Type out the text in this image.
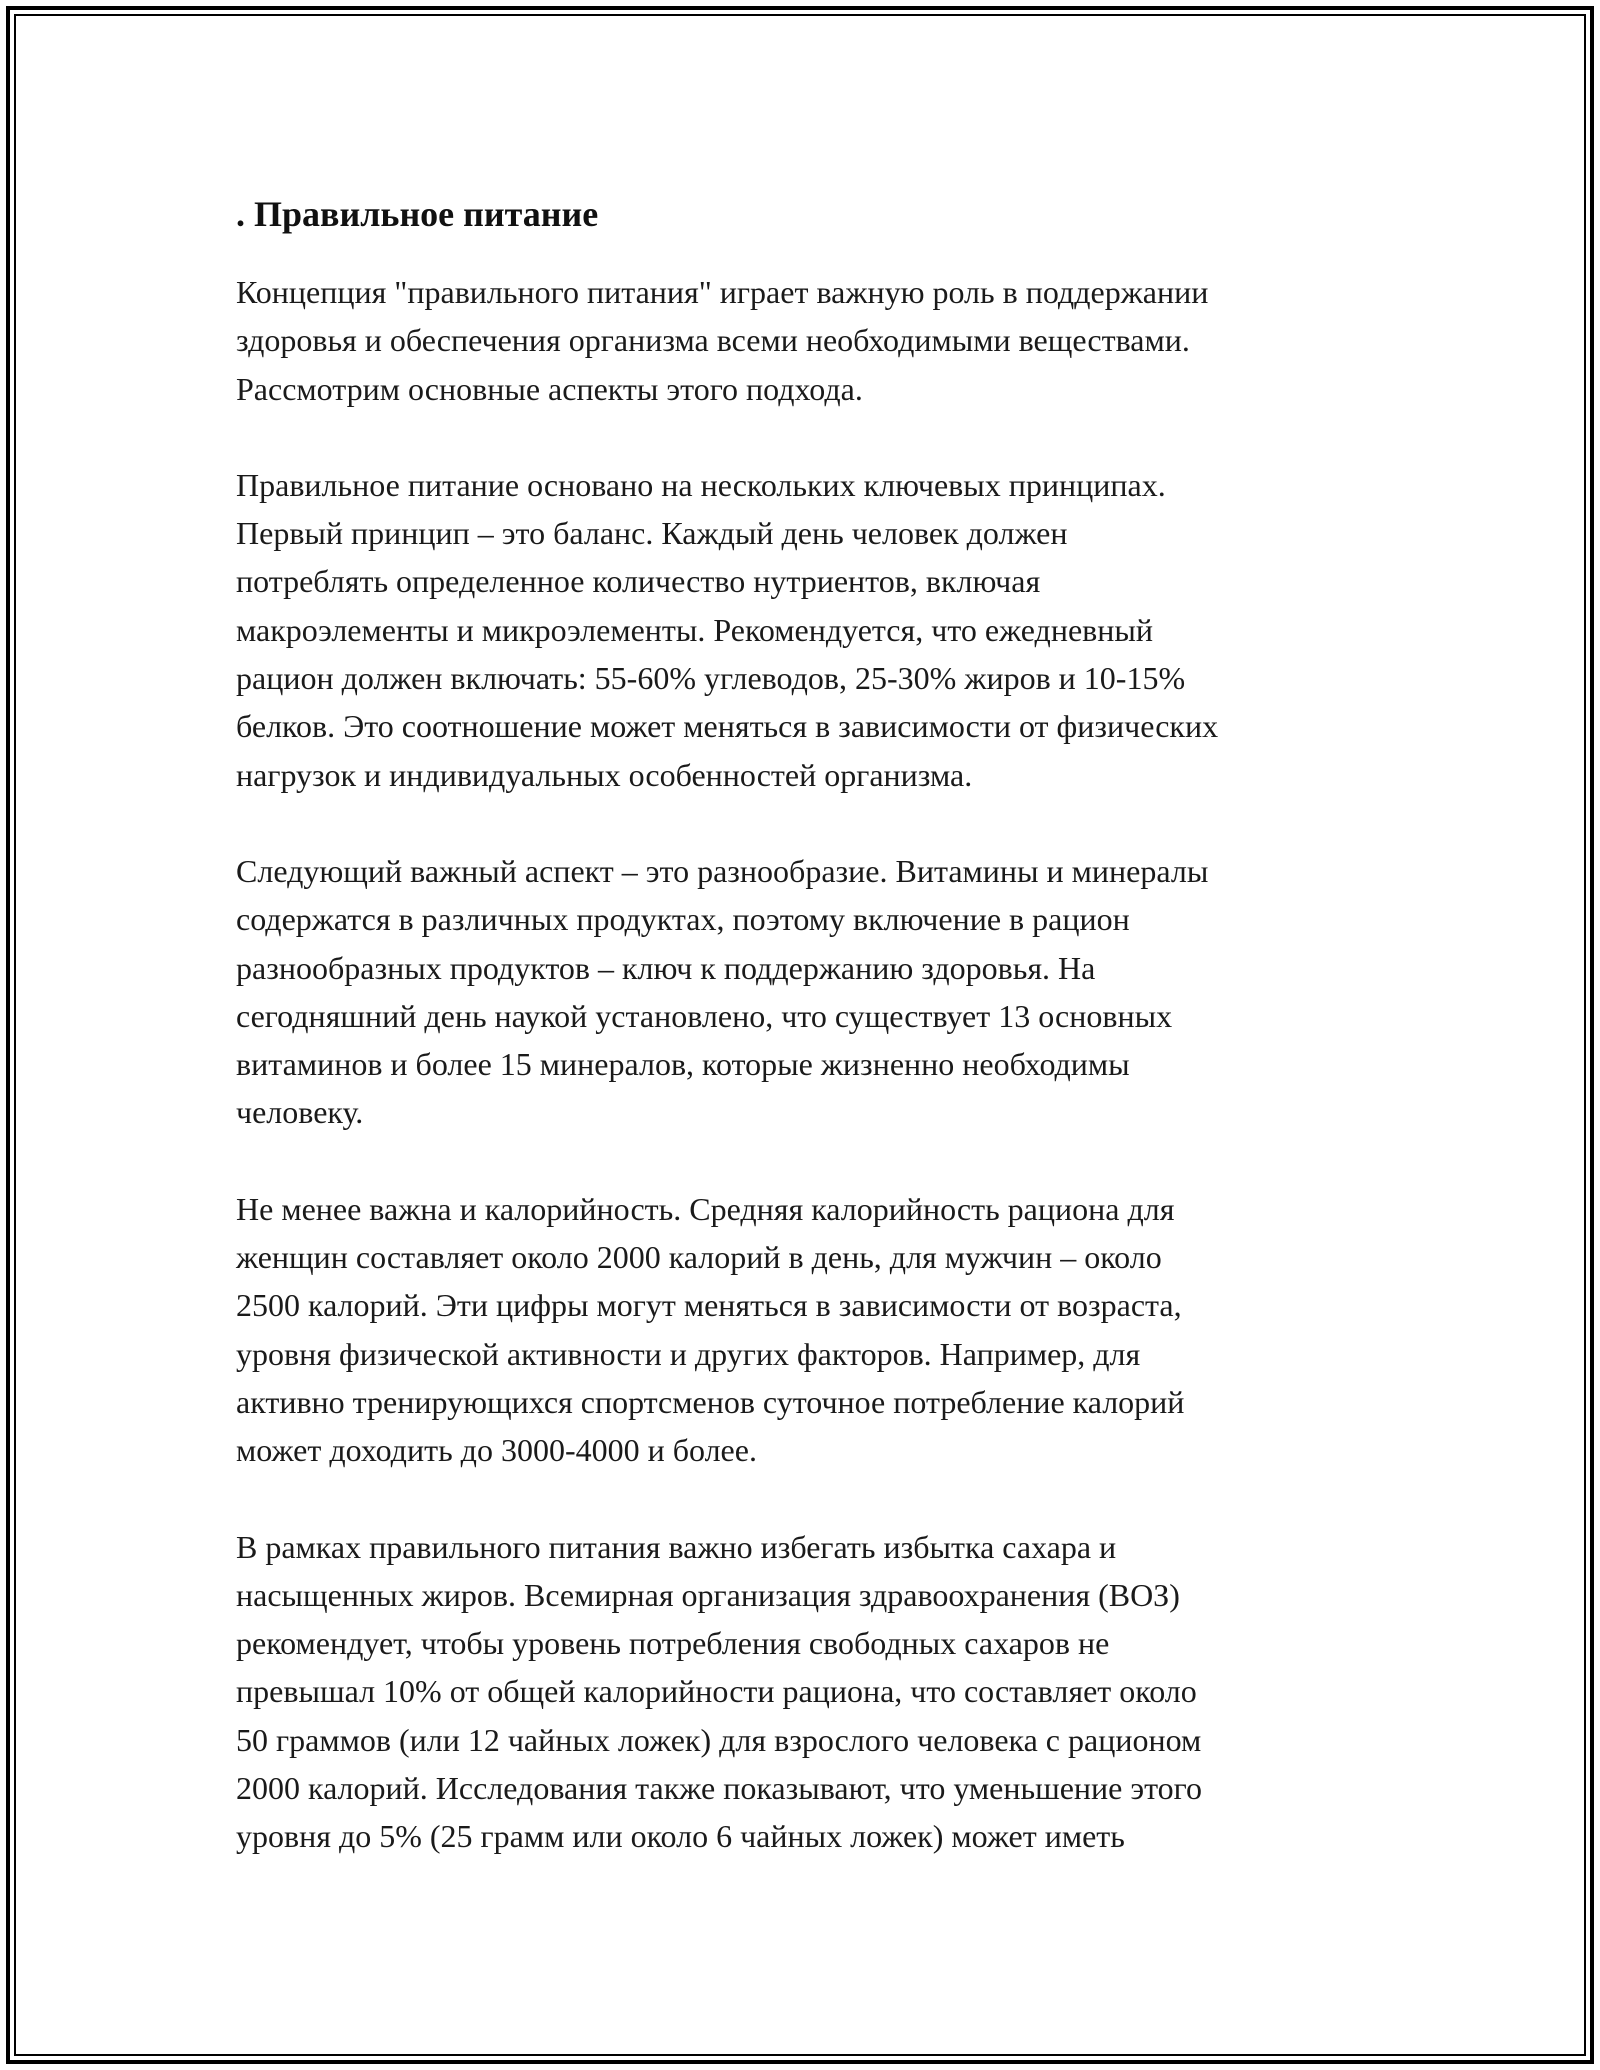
. Правильное питание

Концепция "правильного питания" играет важную роль в поддержании
здоровья и обеспечения организма всеми необходимыми веществами.
Рассмотрим основные аспекты этого подхода.

Правильное питание основано на нескольких ключевых принципах.
Первый принцип – это баланс. Каждый день человек должен
потреблять определенное количество нутриентов, включая
макроэлементы и микроэлементы. Рекомендуется, что ежедневный
рацион должен включать: 55-60% углеводов, 25-30% жиров и 10-15%
белков. Это соотношение может меняться в зависимости от физических
нагрузок и индивидуальных особенностей организма.

Следующий важный аспект – это разнообразие. Витамины и минералы
содержатся в различных продуктах, поэтому включение в рацион
разнообразных продуктов – ключ к поддержанию здоровья. На
сегодняшний день наукой установлено, что существует 13 основных
витаминов и более 15 минералов, которые жизненно необходимы
человеку.

Не менее важна и калорийность. Средняя калорийность рациона для
женщин составляет около 2000 калорий в день, для мужчин – около
2500 калорий. Эти цифры могут меняться в зависимости от возраста,
уровня физической активности и других факторов. Например, для
активно тренирующихся спортсменов суточное потребление калорий
может доходить до 3000-4000 и более.

В рамках правильного питания важно избегать избытка сахара и
насыщенных жиров. Всемирная организация здравоохранения (ВОЗ)
рекомендует, чтобы уровень потребления свободных сахаров не
превышал 10% от общей калорийности рациона, что составляет около
50 граммов (или 12 чайных ложек) для взрослого человека с рационом
2000 калорий. Исследования также показывают, что уменьшение этого
уровня до 5% (25 грамм или около 6 чайных ложек) может иметь
